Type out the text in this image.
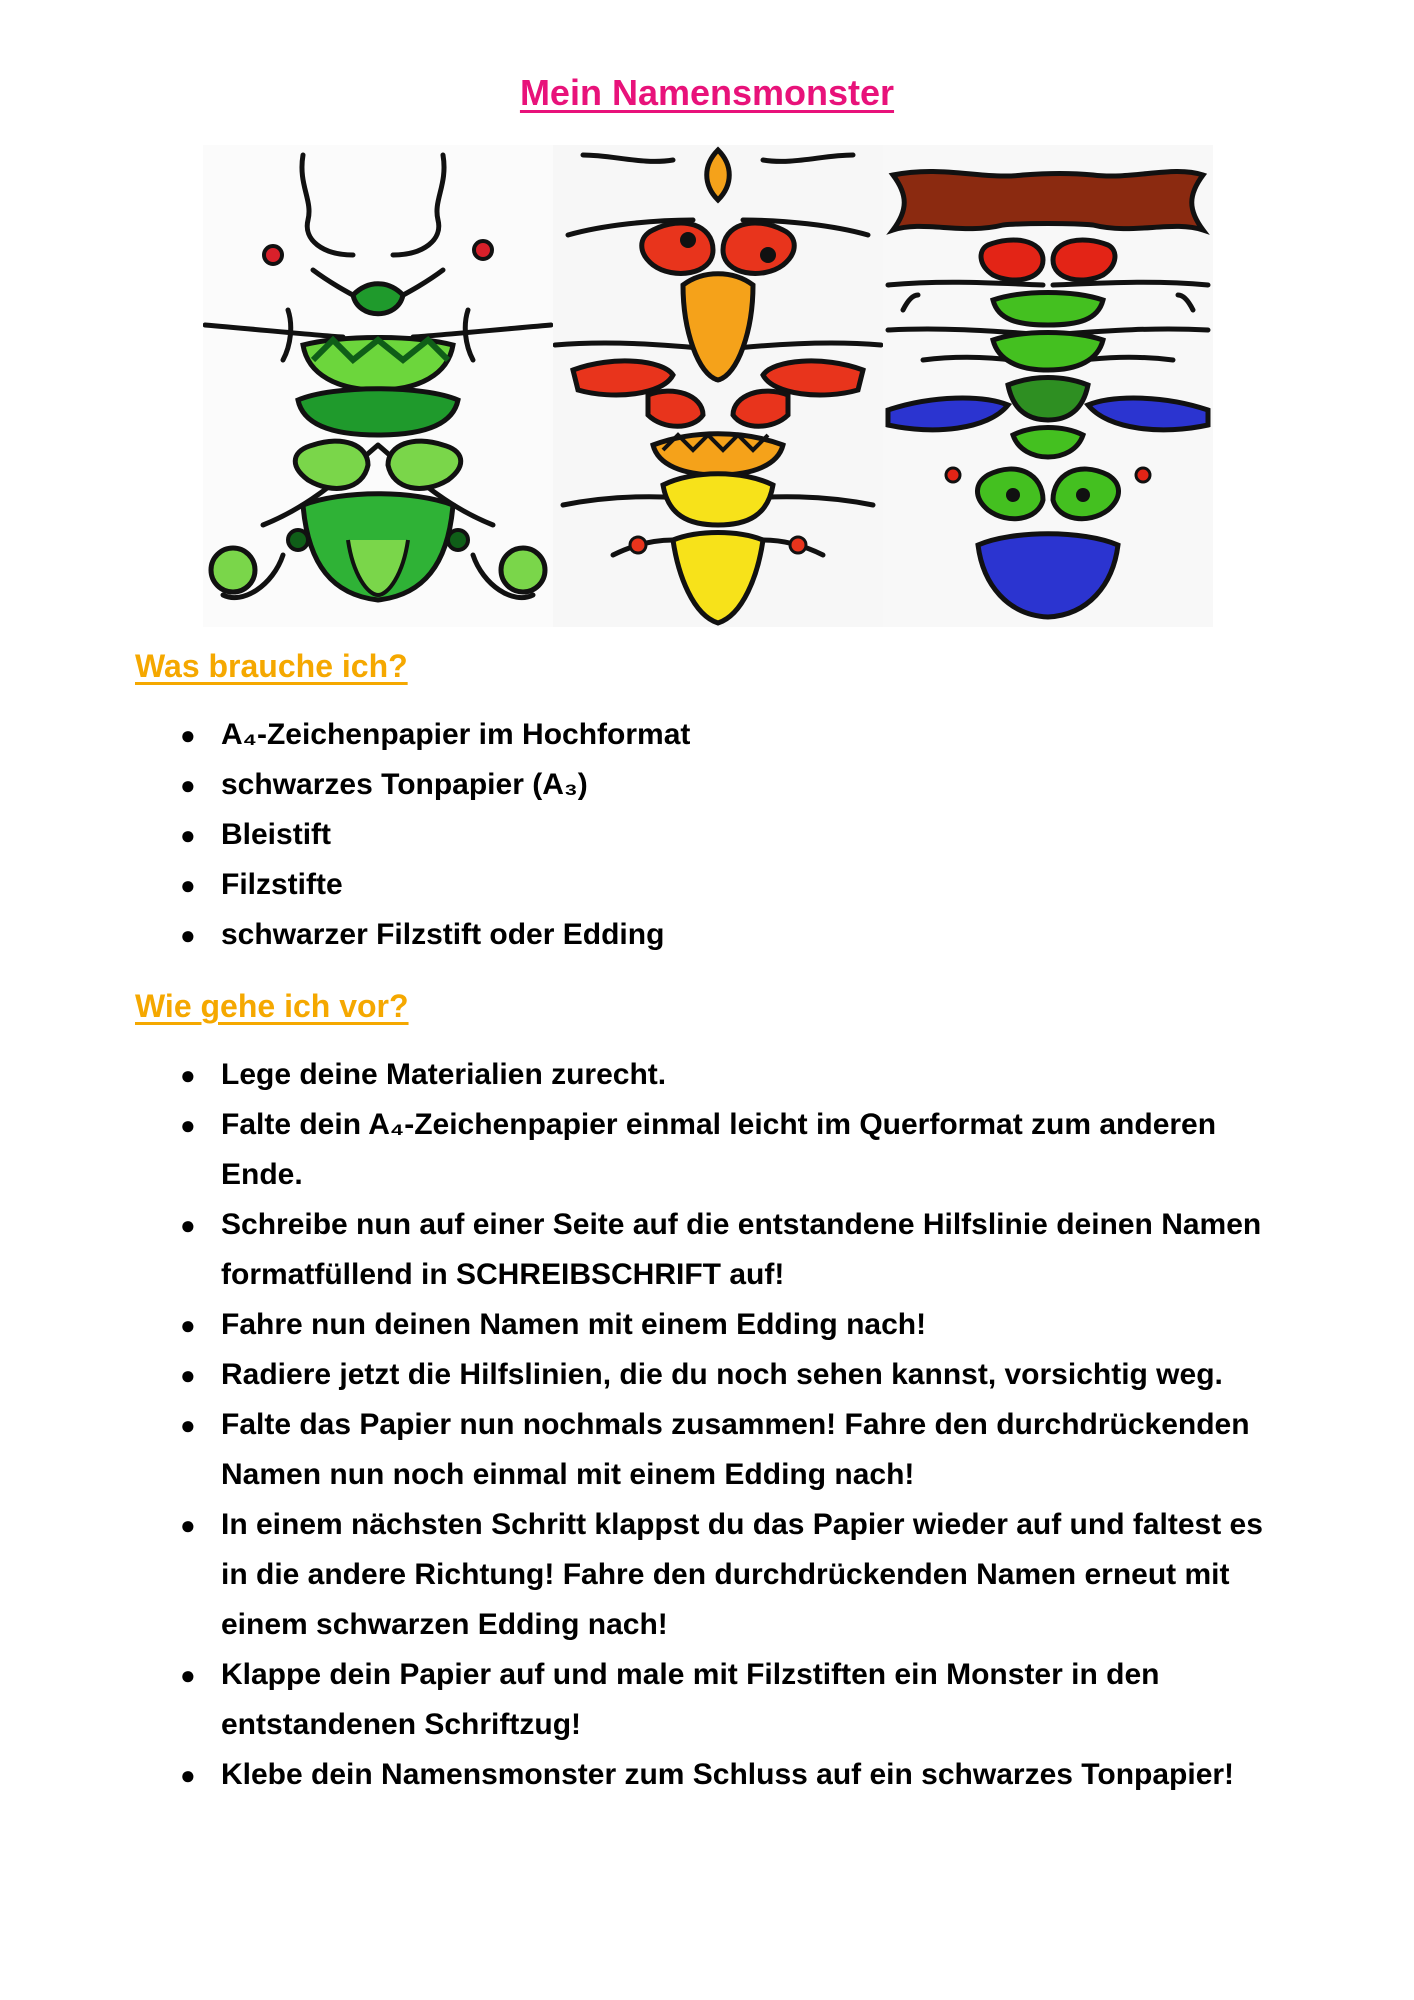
Mein Namensmonster
Was brauche ich?
● A₄-Zeichenpapier im Hochformat
● schwarzes Tonpapier (A₃)
● Bleistift
● Filzstifte
● schwarzer Filzstift oder Edding
Wie gehe ich vor?
● Lege deine Materialien zurecht.
● Falte dein A₄-Zeichenpapier einmal leicht im Querformat zum anderen Ende.
● Schreibe nun auf einer Seite auf die entstandene Hilfslinie deinen Namen formatfüllend in SCHREIBSCHRIFT auf!
● Fahre nun deinen Namen mit einem Edding nach!
● Radiere jetzt die Hilfslinien, die du noch sehen kannst, vorsichtig weg.
● Falte das Papier nun nochmals zusammen! Fahre den durchdrückenden Namen nun noch einmal mit einem Edding nach!
● In einem nächsten Schritt klappst du das Papier wieder auf und faltest es in die andere Richtung! Fahre den durchdrückenden Namen erneut mit einem schwarzen Edding nach!
● Klappe dein Papier auf und male mit Filzstiften ein Monster in den entstandenen Schriftzug!
● Klebe dein Namensmonster zum Schluss auf ein schwarzes Tonpapier!
